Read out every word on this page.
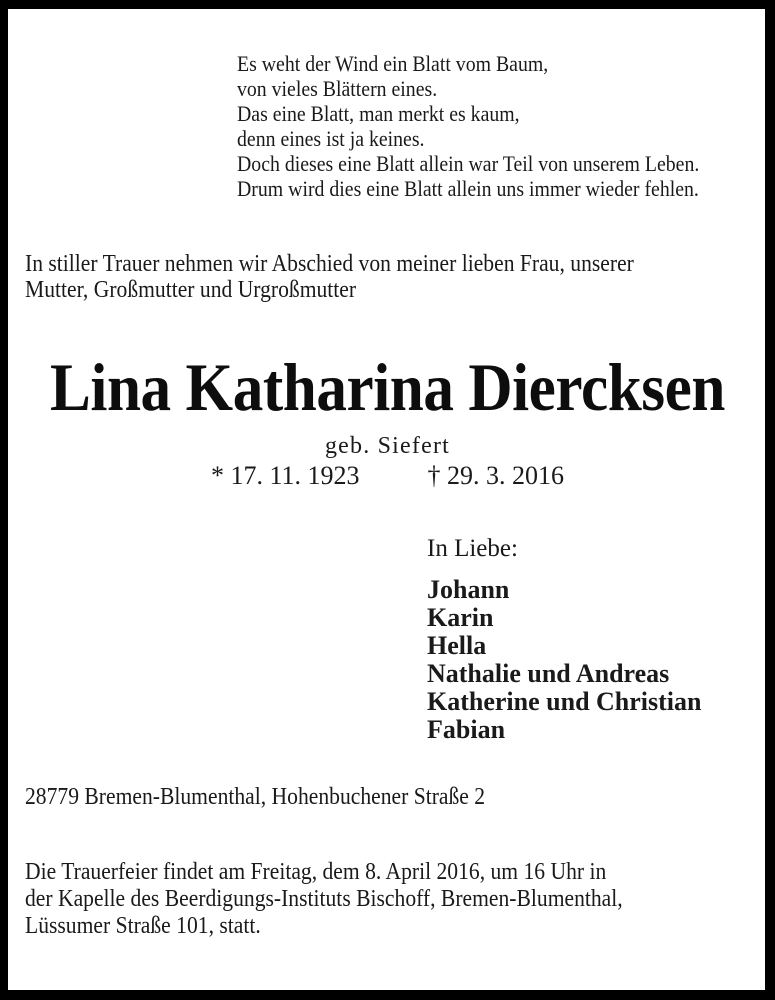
Es weht der Wind ein Blatt vom Baum,
von vieles Blättern eines.
Das eine Blatt, man merkt es kaum,
denn eines ist ja keines.
Doch dieses eine Blatt allein war Teil von unserem Leben.
Drum wird dies eine Blatt allein uns immer wieder fehlen.
In stiller Trauer nehmen wir Abschied von meiner lieben Frau, unserer
Mutter, Großmutter und Urgroßmutter
Lina Katharina Diercksen
geb. Siefert
* 17. 11. 1923	† 29. 3. 2016
In Liebe:
Johann
Karin
Hella
Nathalie und Andreas
Katherine und Christian
Fabian
28779 Bremen-Blumenthal, Hohenbuchener Straße 2
Die Trauerfeier findet am Freitag, dem 8. April 2016, um 16 Uhr in
der Kapelle des Beerdigungs-Instituts Bischoff, Bremen-Blumenthal,
Lüssumer Straße 101, statt.
